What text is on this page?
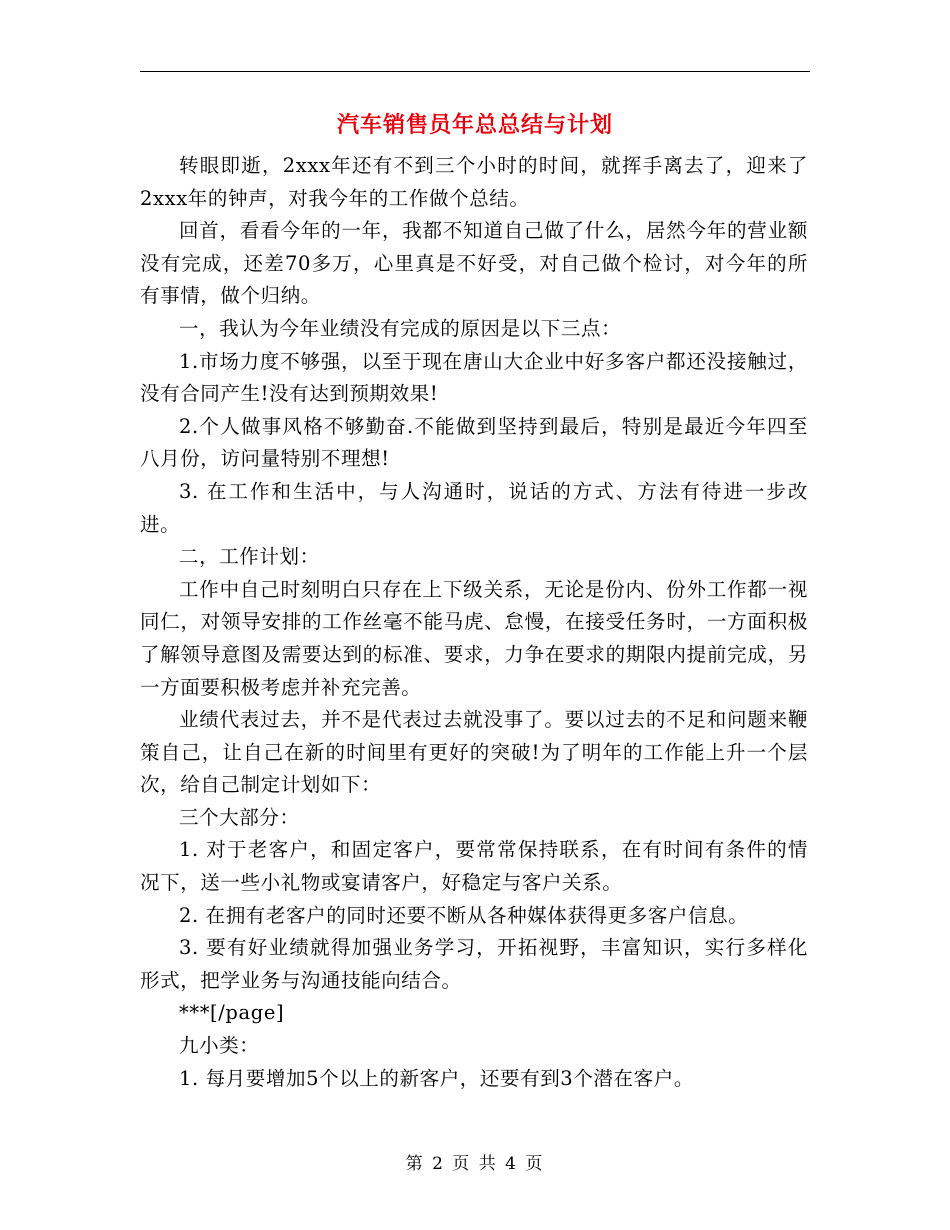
汽车销售员年总总结与计划

转眼即逝，2xxx年还有不到三个小时的时间，就挥手离去了，迎来了2xxx年的钟声，对我今年的工作做个总结。

回首，看看今年的一年，我都不知道自己做了什么，居然今年的营业额没有完成，还差70多万，心里真是不好受，对自己做个检讨，对今年的所有事情，做个归纳。

一，我认为今年业绩没有完成的原因是以下三点：

1.市场力度不够强，以至于现在唐山大企业中好多客户都还没接触过，没有合同产生!没有达到预期效果!

2.个人做事风格不够勤奋.不能做到坚持到最后，特别是最近今年四至八月份，访问量特别不理想!

3. 在工作和生活中，与人沟通时，说话的方式、方法有待进一步改进。

二，工作计划：

工作中自己时刻明白只存在上下级关系，无论是份内、份外工作都一视同仁，对领导安排的工作丝毫不能马虎、怠慢，在接受任务时，一方面积极了解领导意图及需要达到的标准、要求，力争在要求的期限内提前完成，另一方面要积极考虑并补充完善。

业绩代表过去，并不是代表过去就没事了。要以过去的不足和问题来鞭策自己，让自己在新的时间里有更好的突破!为了明年的工作能上升一个层次，给自己制定计划如下：

三个大部分：

1. 对于老客户，和固定客户，要常常保持联系，在有时间有条件的情况下，送一些小礼物或宴请客户，好稳定与客户关系。

2. 在拥有老客户的同时还要不断从各种媒体获得更多客户信息。

3. 要有好业绩就得加强业务学习，开拓视野，丰富知识，实行多样化形式，把学业务与沟通技能向结合。

***[/page]

九小类：

1. 每月要增加5个以上的新客户，还要有到3个潜在客户。

第 2 页 共 4 页
